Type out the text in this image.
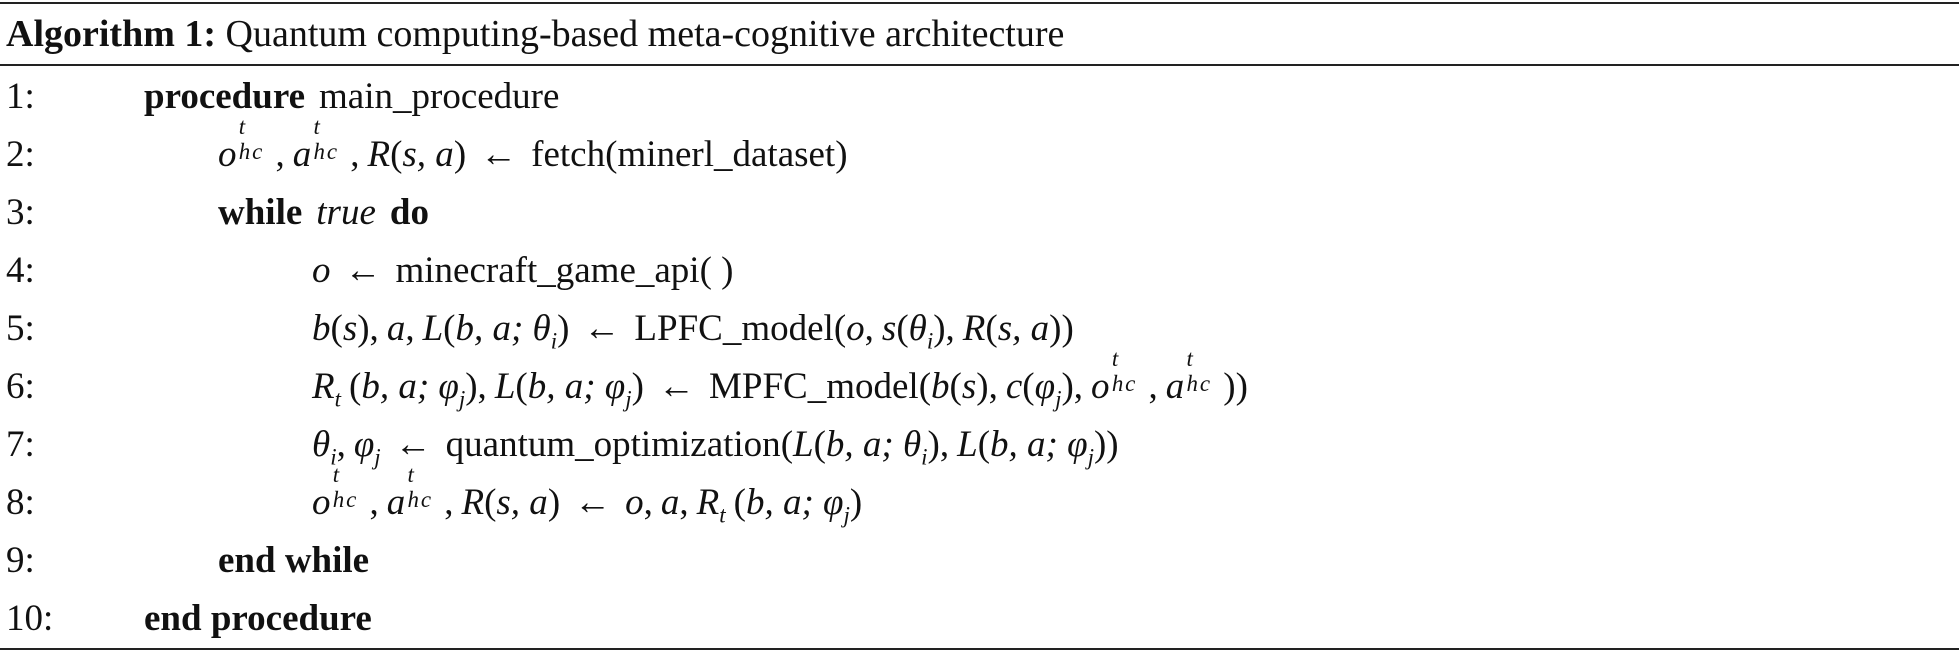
Algorithm 1: Quantum computing-based meta-cognitive architecture
1:	procedure main_procedure
2:	o
t
hc , a
t
hc , R(s, a) ← fetch(minerl_dataset)
3:	while true do
4:	o ← minecraft_game_api( )
5:	b(s), a, L(b, a; $\theta_i$) ← LPFC_model(o, $s(\theta_i)$, R(s, a))
6:	$R_t$ (b, a; $\varphi_j$), L(b, a; $\varphi_j$) ← MPFC_model(b(s), $c(\varphi_j)$, o
t
hc , a
t
hc ))
7:	$\theta_i$, $\varphi_j$ ← quantum_optimization(L(b, a; $\theta_i$), L(b, a; $\varphi_j$))
8:	o
t
hc , a
t
hc , R(s, a) ← o, a, $R_t$ (b, a; $\varphi_j$)
9:	end while
10:	end procedure
